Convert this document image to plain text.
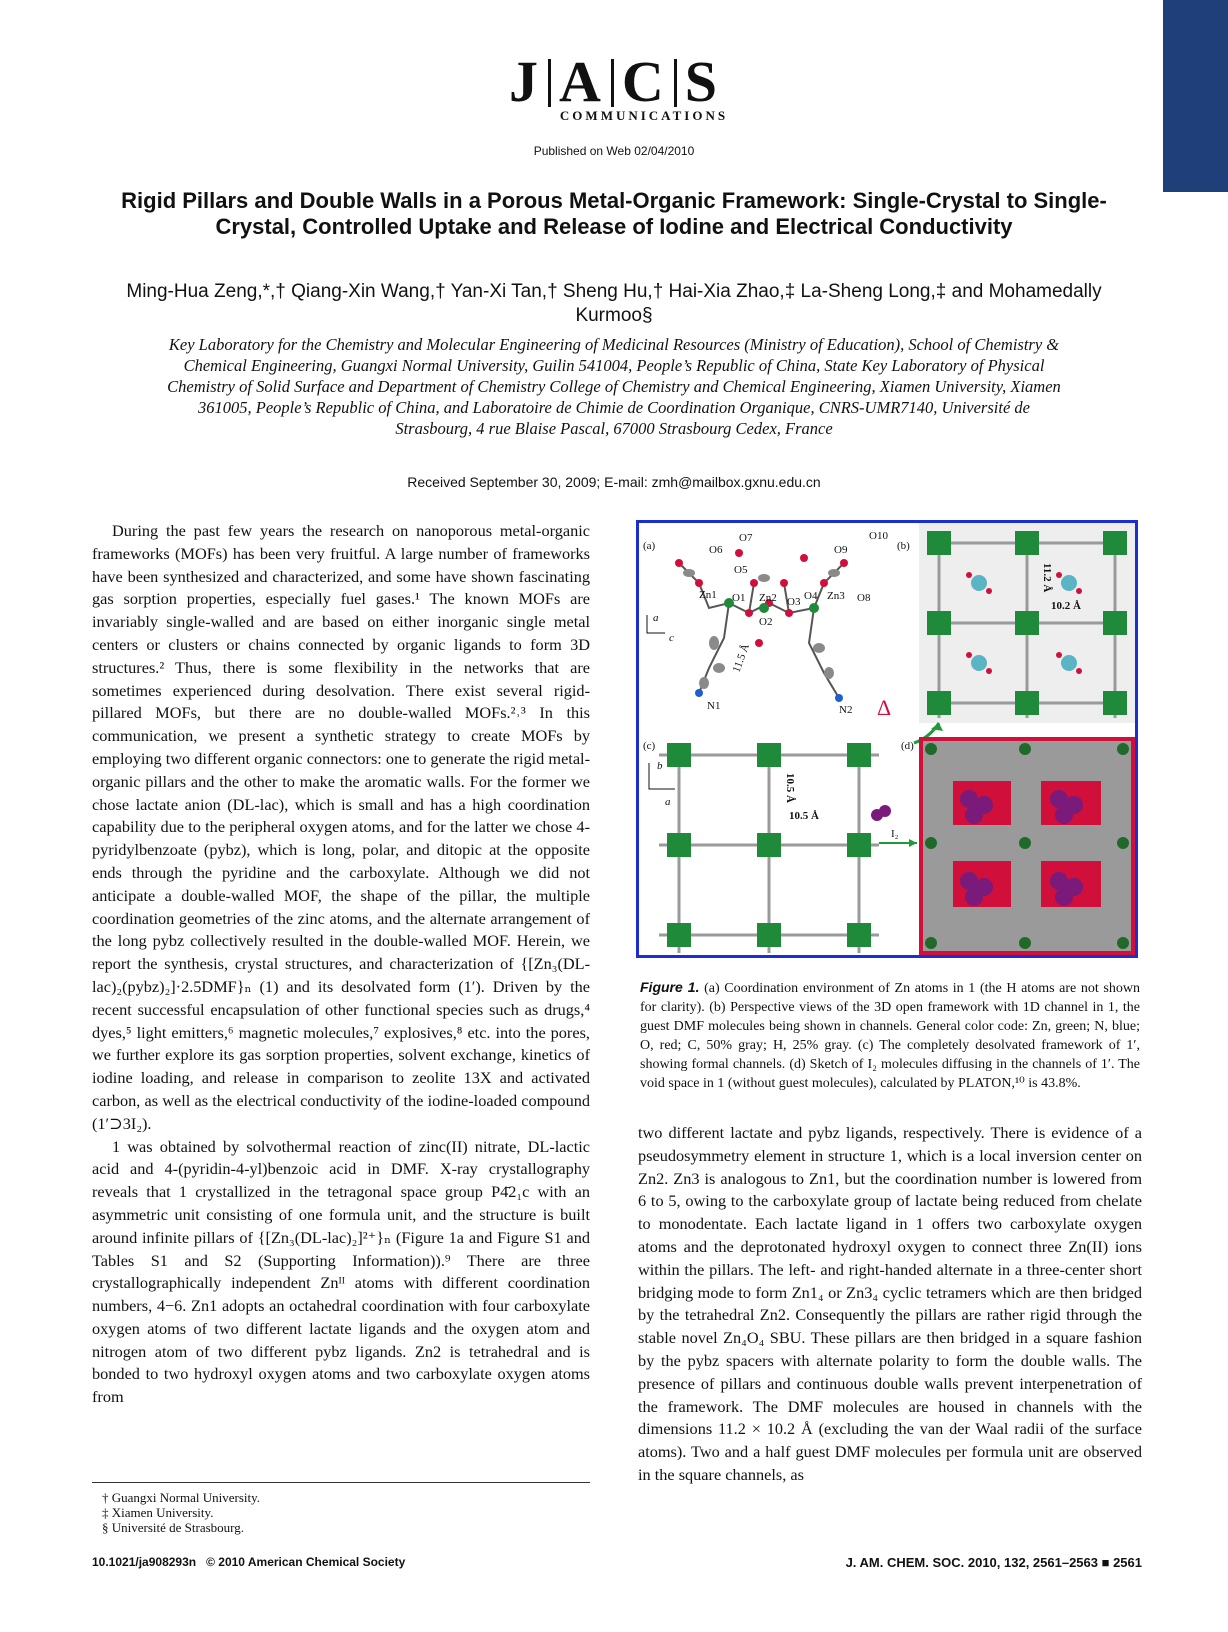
J A C S
COMMUNICATIONS
Published on Web 02/04/2010
Rigid Pillars and Double Walls in a Porous Metal-Organic Framework: Single-Crystal to Single-Crystal, Controlled Uptake and Release of Iodine and Electrical Conductivity
Ming-Hua Zeng,*,† Qiang-Xin Wang,† Yan-Xi Tan,† Sheng Hu,† Hai-Xia Zhao,‡ La-Sheng Long,‡ and Mohamedally Kurmoo§
Key Laboratory for the Chemistry and Molecular Engineering of Medicinal Resources (Ministry of Education), School of Chemistry & Chemical Engineering, Guangxi Normal University, Guilin 541004, People’s Republic of China, State Key Laboratory of Physical Chemistry of Solid Surface and Department of Chemistry College of Chemistry and Chemical Engineering, Xiamen University, Xiamen 361005, People’s Republic of China, and Laboratoire de Chimie de Coordination Organique, CNRS-UMR7140, Université de Strasbourg, 4 rue Blaise Pascal, 67000 Strasbourg Cedex, France
Received September 30, 2009; E-mail: zmh@mailbox.gxnu.edu.cn

During the past few years the research on nanoporous metal-organic frameworks (MOFs) has been very fruitful. A large number of frameworks have been synthesized and characterized, and some have shown fascinating gas sorption properties, especially fuel gases.¹ The known MOFs are invariably single-walled and are based on either inorganic single metal centers or clusters or chains connected by organic ligands to form 3D structures.² Thus, there is some flexibility in the networks that are sometimes experienced during desolvation. There exist several rigid-pillared MOFs, but there are no double-walled MOFs.²˒³ In this communication, we present a synthetic strategy to create MOFs by employing two different organic connectors: one to generate the rigid metal-organic pillars and the other to make the aromatic walls. For the former we chose lactate anion (DL-lac), which is small and has a high coordination capability due to the peripheral oxygen atoms, and for the latter we chose 4-pyridylbenzoate (pybz), which is long, polar, and ditopic at the opposite ends through the pyridine and the carboxylate. Although we did not anticipate a double-walled MOF, the shape of the pillar, the multiple coordination geometries of the zinc atoms, and the alternate arrangement of the long pybz collectively resulted in the double-walled MOF. Herein, we report the synthesis, crystal structures, and characterization of {[Zn₃(DL-lac)₂(pybz)₂]·2.5DMF}ₙ (1) and its desolvated form (1′). Driven by the recent successful encapsulation of other functional species such as drugs,⁴ dyes,⁵ light emitters,⁶ magnetic molecules,⁷ explosives,⁸ etc. into the pores, we further explore its gas sorption properties, solvent exchange, kinetics of iodine loading, and release in comparison to zeolite 13X and activated carbon, as well as the electrical conductivity of the iodine-loaded compound (1′⊃3I₂).

1 was obtained by solvothermal reaction of zinc(II) nitrate, DL-lactic acid and 4-(pyridin-4-yl)benzoic acid in DMF. X-ray crystallography reveals that 1 crystallized in the tetragonal space group P4̄2₁c with an asymmetric unit consisting of one formula unit, and the structure is built around infinite pillars of {[Zn₃(DL-lac)₂]²⁺}ₙ (Figure 1a and Figure S1 and Tables S1 and S2 (Supporting Information)).⁹ There are three crystallographically independent Znᴵᴵ atoms with different coordination numbers, 4−6. Zn1 adopts an octahedral coordination with four carboxylate oxygen atoms of two different lactate ligands and the oxygen atom and nitrogen atom of two different pybz ligands. Zn2 is tetrahedral and is bonded to two hydroxyl oxygen atoms and two carboxylate oxygen atoms from

(a)
O7
O6
O5
O10
O9
Zn1 O1 Zn2 O3 O4 Zn3 O8
O2
N1	N2
a
c
11.5 Å
(b)
11.2 Å
10.2 Å
Δ
(c)
b
a	10.5 Å
10.5 Å
I₂
(d)
Figure 1. (a) Coordination environment of Zn atoms in 1 (the H atoms are not shown for clarity). (b) Perspective views of the 3D open framework with 1D channel in 1, the guest DMF molecules being shown in channels. General color code: Zn, green; N, blue; O, red; C, 50% gray; H, 25% gray. (c) The completely desolvated framework of 1′, showing formal channels. (d) Sketch of I₂ molecules diffusing in the channels of 1′. The void space in 1 (without guest molecules), calculated by PLATON,¹⁰ is 43.8%.

two different lactate and pybz ligands, respectively. There is evidence of a pseudosymmetry element in structure 1, which is a local inversion center on Zn2. Zn3 is analogous to Zn1, but the coordination number is lowered from 6 to 5, owing to the carboxylate group of lactate being reduced from chelate to monodentate. Each lactate ligand in 1 offers two carboxylate oxygen atoms and the deprotonated hydroxyl oxygen to connect three Zn(II) ions within the pillars. The left- and right-handed alternate in a three-center short bridging mode to form Zn1₄ or Zn3₄ cyclic tetramers which are then bridged by the tetrahedral Zn2. Consequently the pillars are rather rigid through the stable novel Zn₄O₄ SBU. These pillars are then bridged in a square fashion by the pybz spacers with alternate polarity to form the double walls. The presence of pillars and continuous double walls prevent interpenetration of the framework. The DMF molecules are housed in channels with the dimensions 11.2 × 10.2 Å (excluding the van der Waal radii of the surface atoms). Two and a half guest DMF molecules per formula unit are observed in the square channels, as

† Guangxi Normal University.
‡ Xiamen University.
§ Université de Strasbourg.
10.1021/ja908293n © 2010 American Chemical Society	J. AM. CHEM. SOC. 2010, 132, 2561–2563 ■ 2561
